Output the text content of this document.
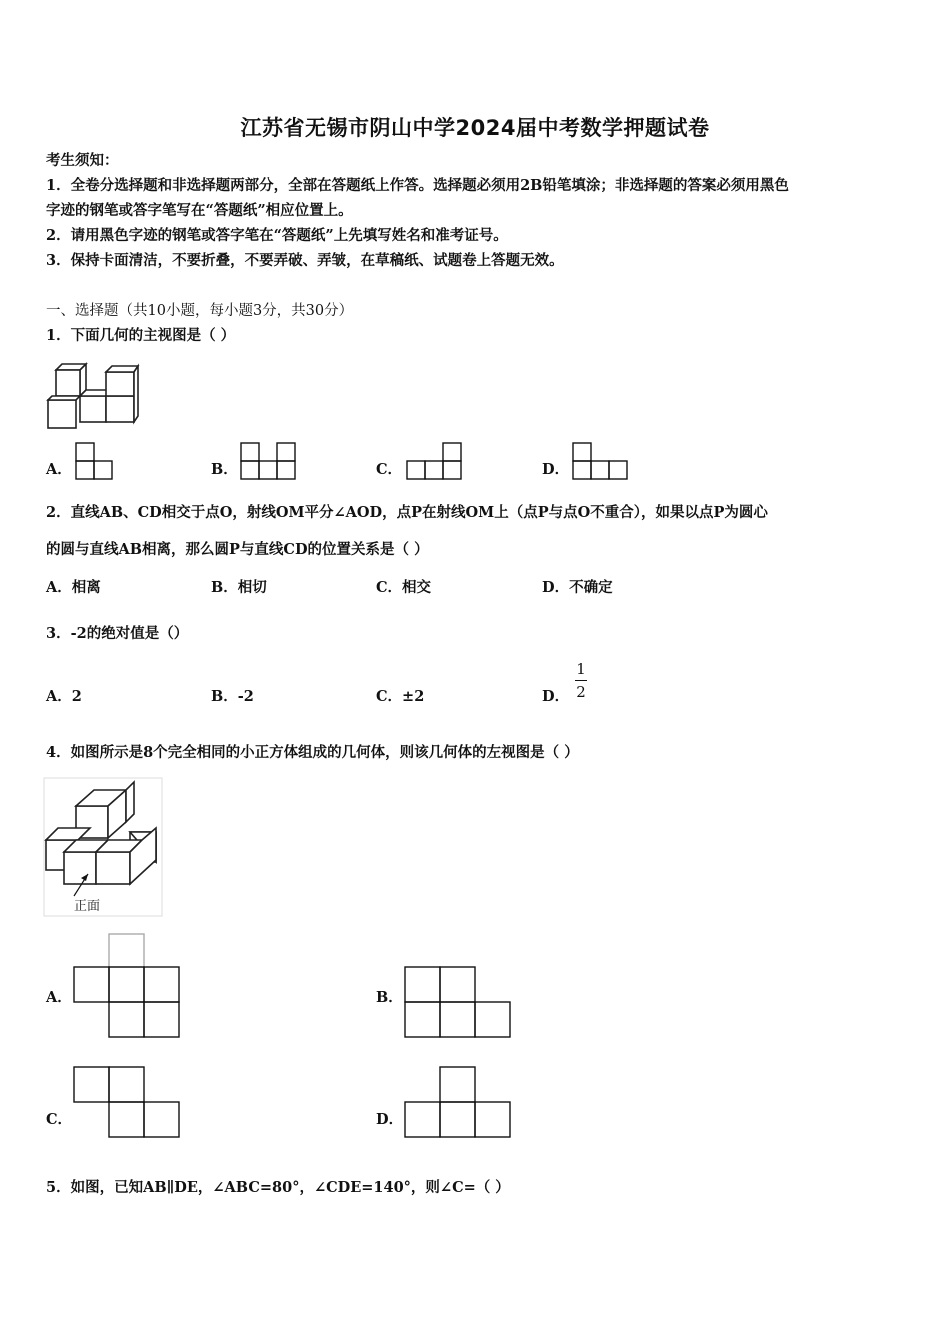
江苏省无锡市阴山中学2024届中考数学押题试卷
考生须知：
1．全卷分选择题和非选择题两部分，全部在答题纸上作答。选择题必须用2B铅笔填涂；非选择题的答案必须用黑色
字迹的钢笔或答字笔写在“答题纸”相应位置上。
2．请用黑色字迹的钢笔或答字笔在“答题纸”上先填写姓名和准考证号。
3．保持卡面清洁，不要折叠，不要弄破、弄皱，在草稿纸、试题卷上答题无效。
一、选择题（共10小题，每小题3分，共30分）
1．下面几何的主视图是（ ）
A．	B．	C．	D．
2．直线AB、CD相交于点O，射线OM平分∠AOD，点P在射线OM上（点P与点O不重合），如果以点P为圆心
的圆与直线AB相离，那么圆P与直线CD的位置关系是（ ）
A．相离	B．相切	C．相交	D．不确定
3．-2的绝对值是（）
A．2	B．-2	C．±2	D．
1
2
4．如图所示是8个完全相同的小正方体组成的几何体，则该几何体的左视图是（ ）
正面
A．	B．
C．	D．
5．如图，已知AB∥DE，∠ABC=80°，∠CDE=140°，则∠C=（ ）
